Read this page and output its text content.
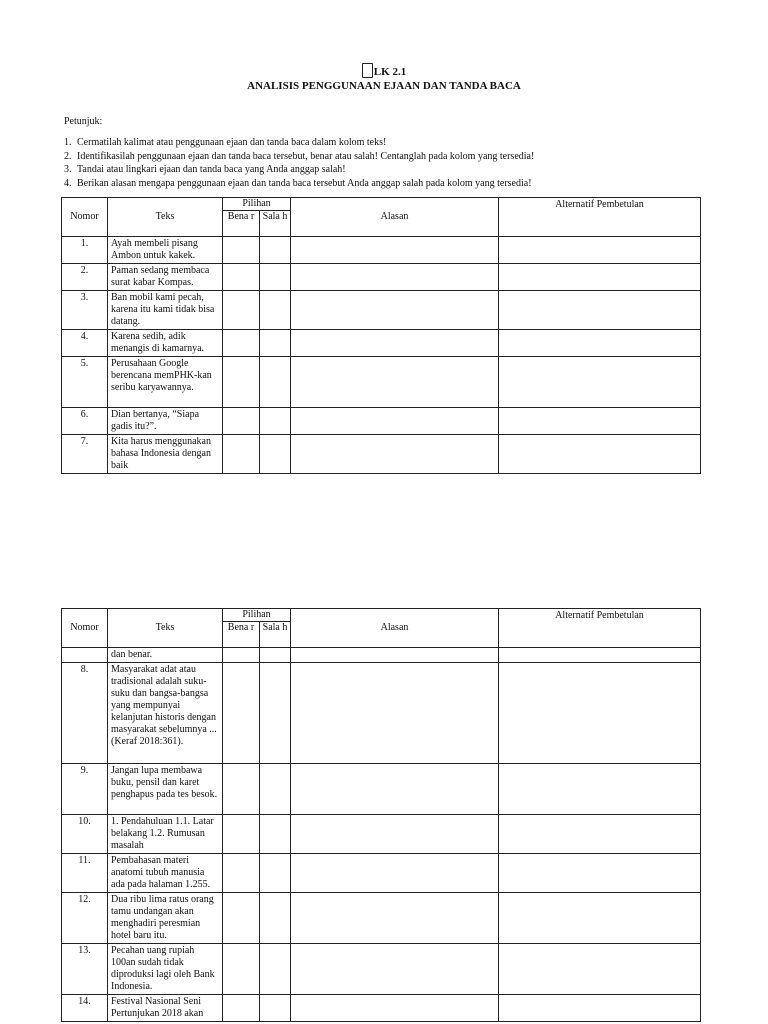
LK 2.1
ANALISIS PENGGUNAAN EJAAN DAN TANDA BACA
Petunjuk:
1. Cermatilah kalimat atau penggunaan ejaan dan tanda baca dalam kolom teks!
2. Identifikasilah penggunaan ejaan dan tanda baca tersebut, benar atau salah! Centanglah pada kolom yang tersedia!
3. Tandai atau lingkari ejaan dan tanda baca yang Anda anggap salah!
4. Berikan alasan mengapa penggunaan ejaan dan tanda baca tersebut Anda anggap salah pada kolom yang tersedia!
Nomor	Teks	Pilihan		Alasan	Alternatif Pembetulan
		Bena r	Sala h		
1.	Ayah membeli pisang Ambon untuk kakek.				
2.	Paman sedang membaca surat kabar Kompas.				
3.	Ban mobil kami pecah, karena itu kami tidak bisa datang.				
4.	Karena sedih, adik menangis di kamarnya.				
5.	Perusahaan Google berencana memPHK-kan seribu karyawannya.				
6.	Dian bertanya, “Siapa gadis itu?”.				
7.	Kita harus menggunakan bahasa Indonesia dengan baik				
Nomor	Teks	Pilihan		Alasan	Alternatif Pembetulan
		Bena r	Sala h		
	dan benar.				
8.	Masyarakat adat atau tradisional adalah suku-suku dan bangsa-bangsa yang mempunyai kelanjutan historis dengan masyarakat sebelumnya ... (Keraf 2018:361).				
9.	Jangan lupa membawa buku, pensil dan karet penghapus pada tes besok.				
10.	1. Pendahuluan 1.1. Latar belakang 1.2. Rumusan masalah				
11.	Pembahasan materi anatomi tubuh manusia ada pada halaman 1.255.				
12.	Dua ribu lima ratus orang tamu undangan akan menghadiri peresmian hotel baru itu.				
13.	Pecahan uang rupiah 100an sudah tidak diproduksi lagi oleh Bank Indonesia.				
14.	Festival Nasional Seni Pertunjukan 2018 akan				
